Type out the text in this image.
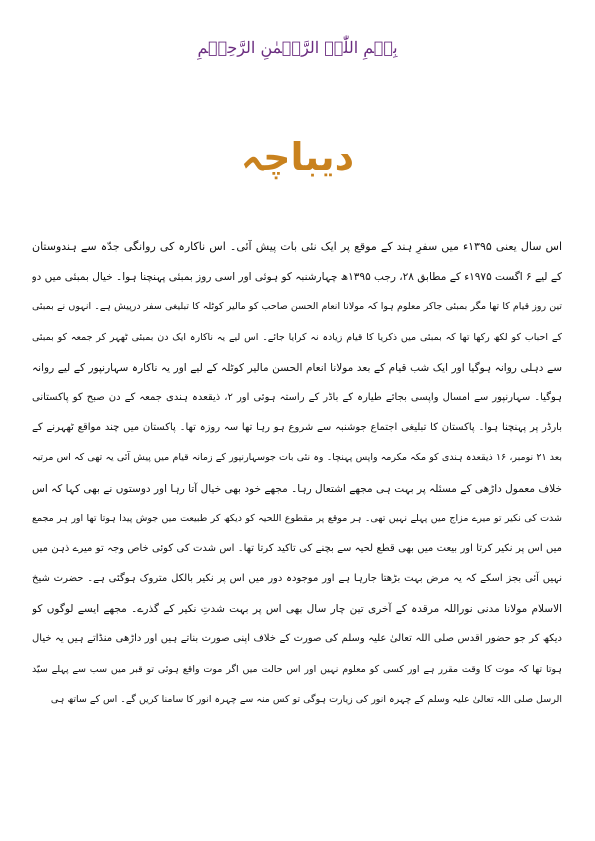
بِسۡمِ اللّٰہِ الرَّحۡمٰنِ الرَّحِیۡمِ
دیباچہ
اس سال یعنی ۱۳۹۵ء میں سفرِ ہند کے موقع پر ایک نئی بات پیش آئی۔ اس ناکارہ کی روانگی جدّہ سے ہندوستان
کے لیے ۶ اگست ۱۹۷۵ء کے مطابق ۲۸، رجب ۱۳۹۵ھ چہارشنبہ کو ہوئی اور اسی روز بمبئی پہنچنا ہوا۔ خیال بمبئی میں دو
تین روز قیام کا تھا مگر بمبئی جاکر معلوم ہوا کہ مولانا انعام الحسن صاحب کو مالیر کوٹلہ کا تبلیغی سفر درپیش ہے۔ انہوں نے بمبئی
کے احباب کو لکھ رکھا تھا کہ بمبئی میں ذکریا کا قیام زیادہ نہ کرایا جائے۔ اس لیے یہ ناکارہ ایک دن بمبئی ٹھہر کر جمعہ کو بمبئی
سے دہلی روانہ ہوگیا اور ایک شب قیام کے بعد مولانا انعام الحسن مالیر کوٹلہ کے لیے اور یہ ناکارہ سہارنپور کے لیے روانہ
ہوگیا۔ سہارنپور سے امسال واپسی بجائے طیارہ کے باڈر کے راستہ ہوئی اور ۲، ذیقعدہ ہندی جمعہ کے دن صبح کو پاکستانی
بارڈر پر پہنچنا ہوا۔ پاکستان کا تبلیغی اجتماع جوشنبہ سے شروع ہو رہا تھا سہ روزہ تھا۔ پاکستان میں چند مواقع ٹھہرنے کے
بعد ۲۱ نومبر، ۱۶ ذیقعدہ ہندی کو مکہ مکرمہ واپس پہنچا۔ وہ نئی بات جوسہارنپور کے زمانہ قیام میں پیش آئی یہ تھی کہ اس مرتبہ
خلاف معمول داڑھی کے مسئلہ پر بہت ہی مجھے اشتعال رہا۔ مجھے خود بھی خیال آتا رہا اور دوستوں نے بھی کہا کہ اس
شدت کی نکیر تو میرے مزاج میں پہلے نہیں تھی۔ ہر موقع پر مقطوع اللحیہ کو دیکھ کر طبیعت میں جوش پیدا ہوتا تھا اور ہر مجمع
میں اس پر نکیر کرتا اور بیعت میں بھی قطع لحیہ سے بچنے کی تاکید کرتا تھا۔ اس شدت کی کوئی خاص وجہ تو میرے ذہن میں
نہیں آئی بجز اسکے کہ یہ مرض بہت بڑھتا جارہا ہے اور موجودہ دور میں اس پر نکیر بالکل متروک ہوگئی ہے۔ حضرت شیخ
الاسلام مولانا مدنی نوراللہ مرقدہ کے آخری تین چار سال بھی اس پر بہت شدتِ نکیر کے گذرے۔ مجھے ایسے لوگوں کو
دیکھ کر جو حضور اقدس صلی اللہ تعالیٰ علیہ وسلم کی صورت کے خلاف اپنی صورت بناتے ہیں اور داڑھی منڈاتے ہیں یہ خیال
ہوتا تھا کہ موت کا وقت مقرر ہے اور کسی کو معلوم نہیں اور اس حالت میں اگر موت واقع ہوئی تو قبر میں سب سے پہلے سیّد
الرسل صلی اللہ تعالیٰ علیہ وسلم کے چہرہ انور کی زیارت ہوگی تو کس منہ سے چہرہ انور کا سامنا کریں گے۔ اس کے ساتھ ہی
